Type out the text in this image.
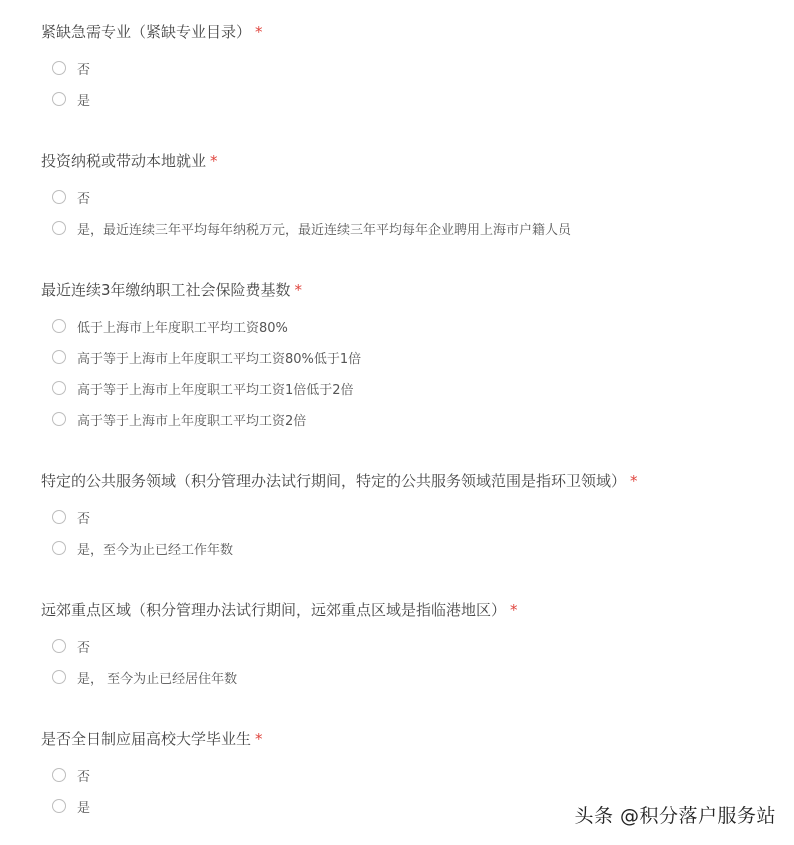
紧缺急需专业（紧缺专业目录） *
否
是
投资纳税或带动本地就业 *
否
是，最近连续三年平均每年纳税万元，最近连续三年平均每年企业聘用上海市户籍人员
最近连续3年缴纳职工社会保险费基数 *
低于上海市上年度职工平均工资80%
高于等于上海市上年度职工平均工资80%低于1倍
高于等于上海市上年度职工平均工资1倍低于2倍
高于等于上海市上年度职工平均工资2倍
特定的公共服务领域（积分管理办法试行期间，特定的公共服务领域范围是指环卫领域） *
否
是，至今为止已经工作年数
远郊重点区域（积分管理办法试行期间，远郊重点区域是指临港地区） *
否
是， 至今为止已经居住年数
是否全日制应届高校大学毕业生 *
否
是	头条 @积分落户服务站
